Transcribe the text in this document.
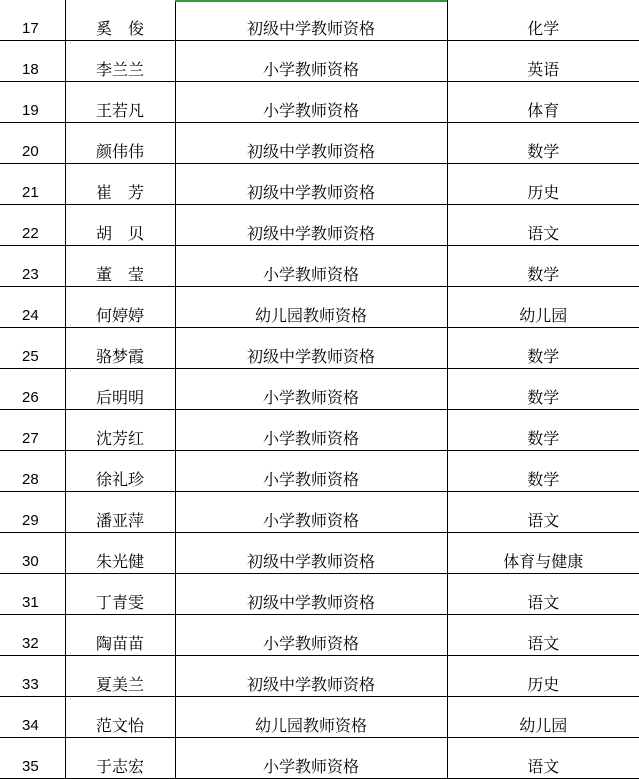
17	奚　俊	初级中学教师资格	化学
18	李兰兰	小学教师资格	英语
19	王若凡	小学教师资格	体育
20	颜伟伟	初级中学教师资格	数学
21	崔　芳	初级中学教师资格	历史
22	胡　贝	初级中学教师资格	语文
23	董　莹	小学教师资格	数学
24	何婷婷	幼儿园教师资格	幼儿园
25	骆梦霞	初级中学教师资格	数学
26	后明明	小学教师资格	数学
27	沈芳红	小学教师资格	数学
28	徐礼珍	小学教师资格	数学
29	潘亚萍	小学教师资格	语文
30	朱光健	初级中学教师资格	体育与健康
31	丁青雯	初级中学教师资格	语文
32	陶苗苗	小学教师资格	语文
33	夏美兰	初级中学教师资格	历史
34	范文怡	幼儿园教师资格	幼儿园
35	于志宏	小学教师资格	语文
